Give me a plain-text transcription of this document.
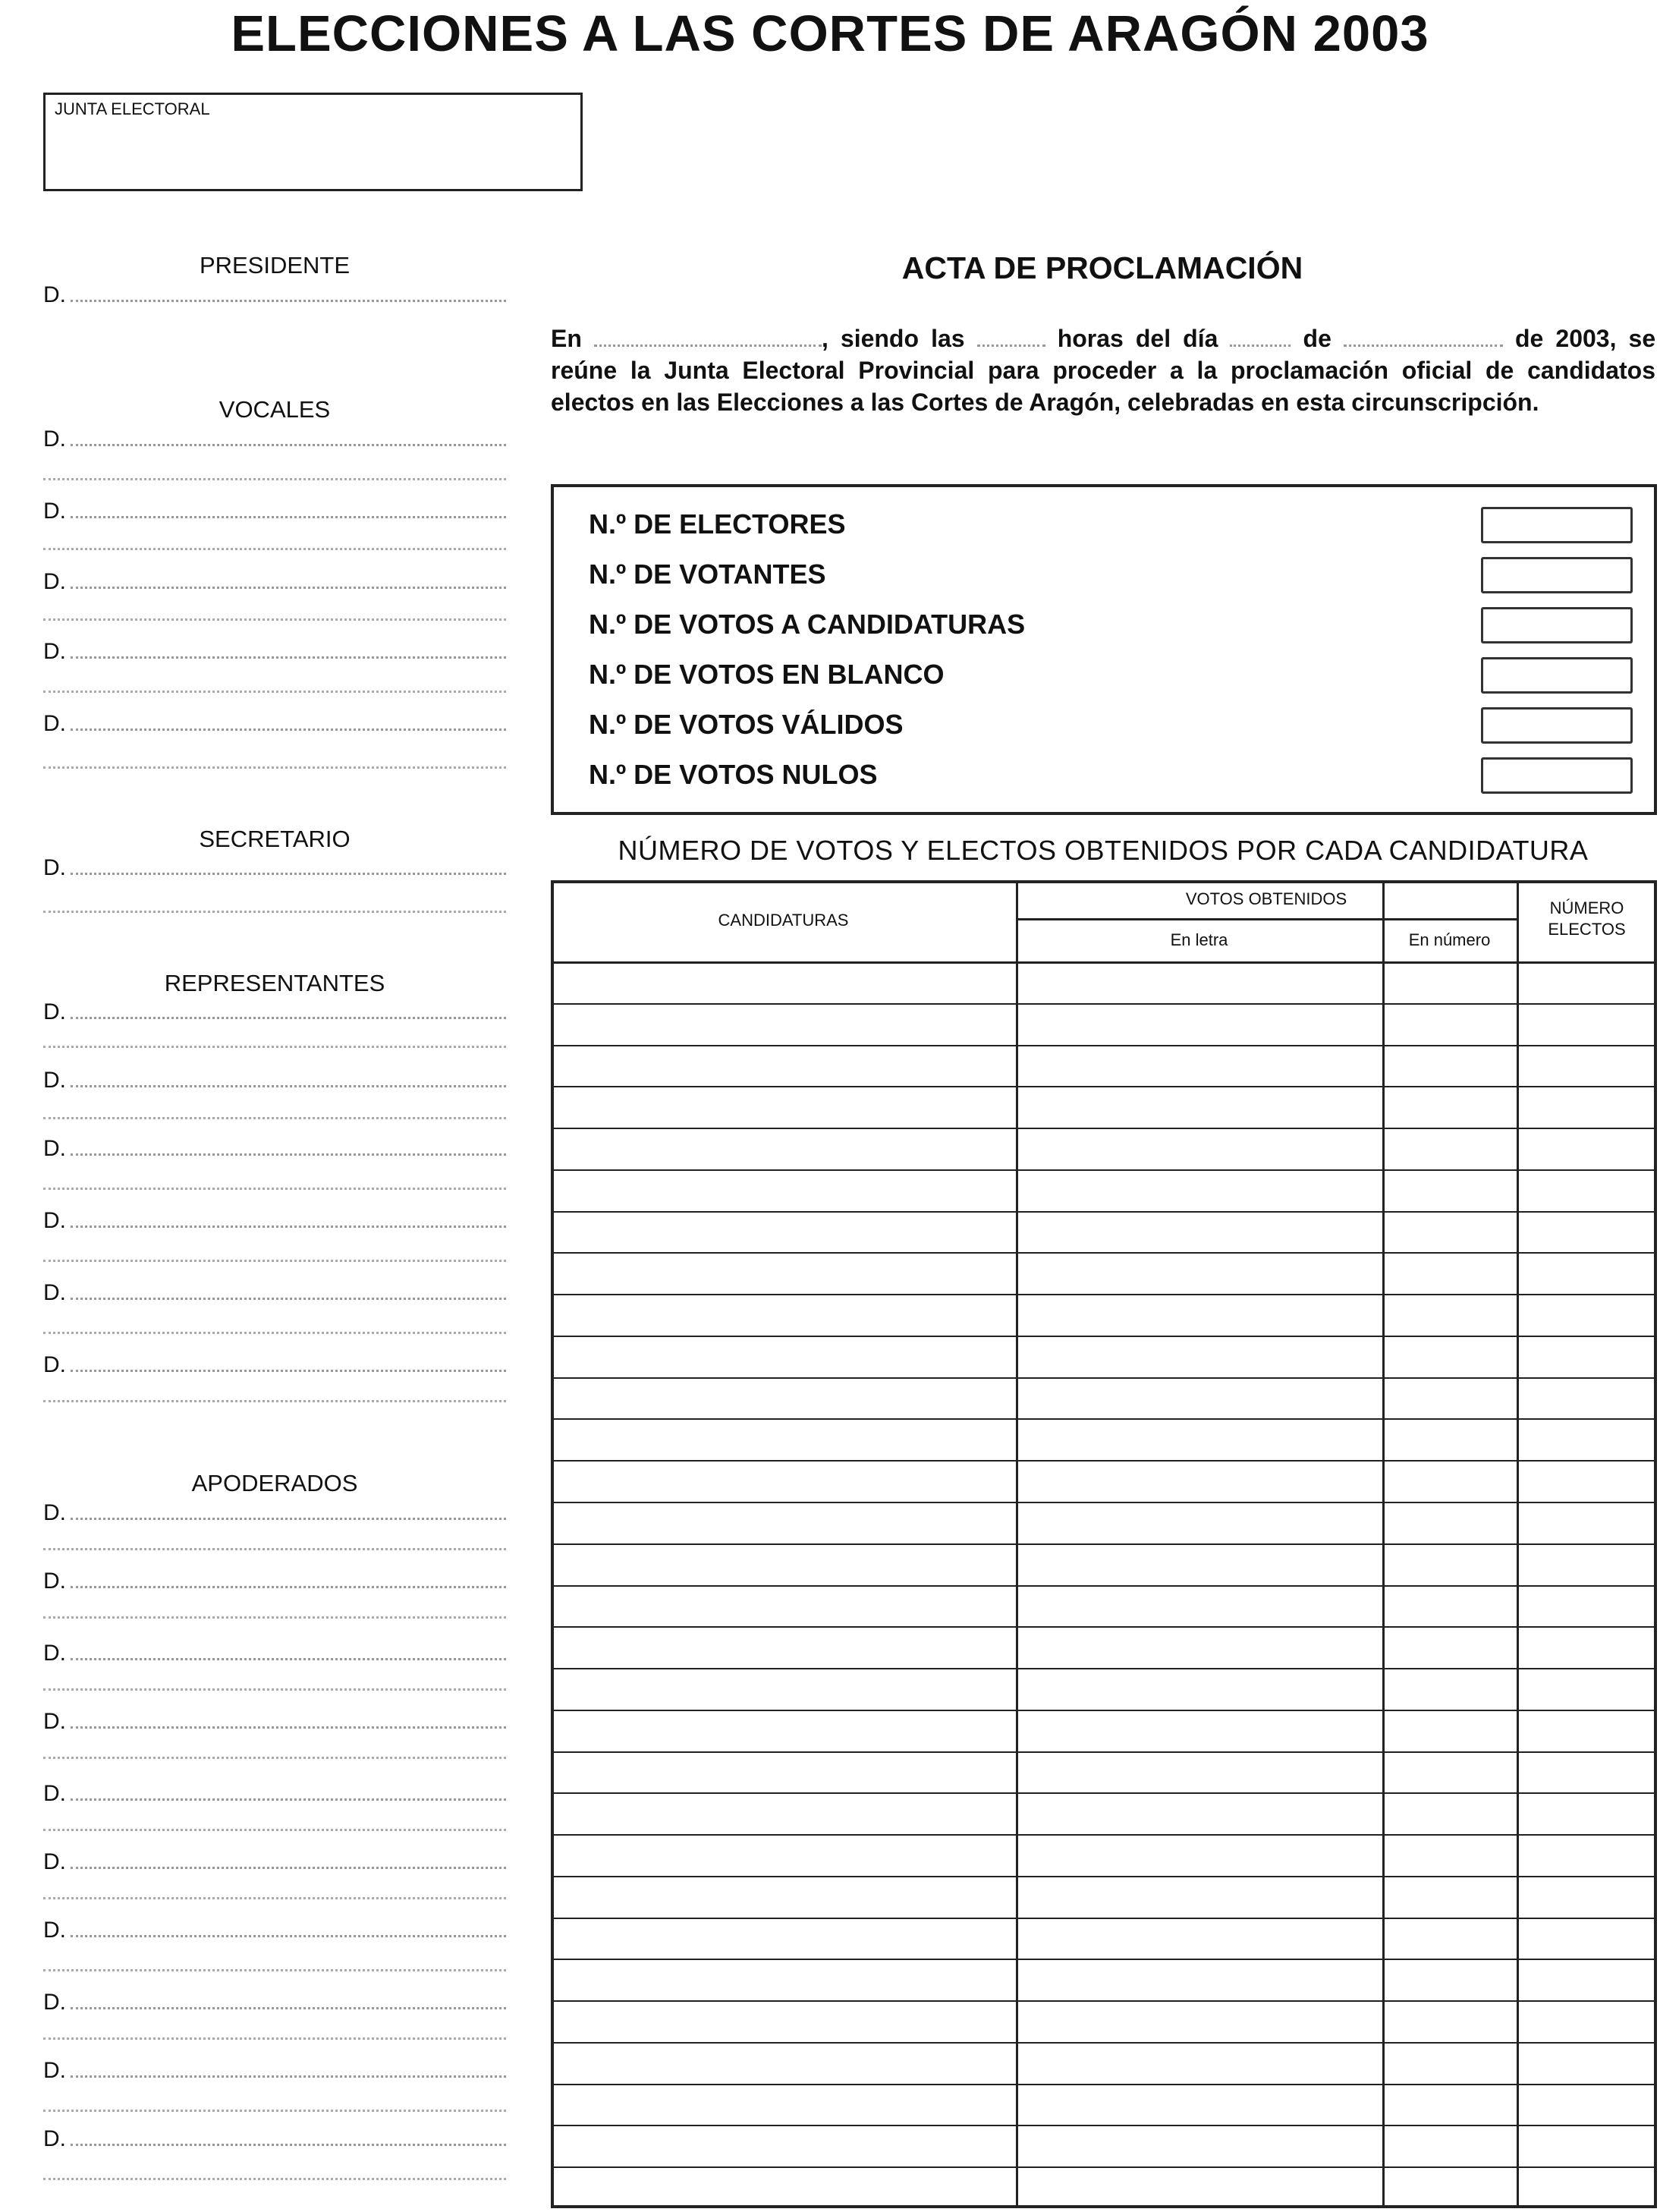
ELECCIONES A LAS CORTES DE ARAGÓN 2003
JUNTA ELECTORAL
PRESIDENTE
D.
VOCALES
D.
D.
D.
D.
D.
SECRETARIO
D.
REPRESENTANTES
D.
D.
D.
D.
D.
D.
APODERADOS
D.
D.
D.
D.
D.
D.
D.
D.
D.
D.
ACTA DE PROCLAMACIÓN
En	, siendo las	horas del día	de	de 2003, se reúne la Junta Electoral Provincial para proceder a la proclamación oficial de candidatos electos en las Elecciones a las Cortes de Aragón, celebradas en esta circunscripción.
N.º DE ELECTORES
N.º DE VOTANTES
N.º DE VOTOS A CANDIDATURAS
N.º DE VOTOS EN BLANCO
N.º DE VOTOS VÁLIDOS
N.º DE VOTOS NULOS
NÚMERO DE VOTOS Y ELECTOS OBTENIDOS POR CADA CANDIDATURA
CANDIDATURAS
VOTOS OBTENIDOS
En letra	En número
NÚMERO
ELECTOS
